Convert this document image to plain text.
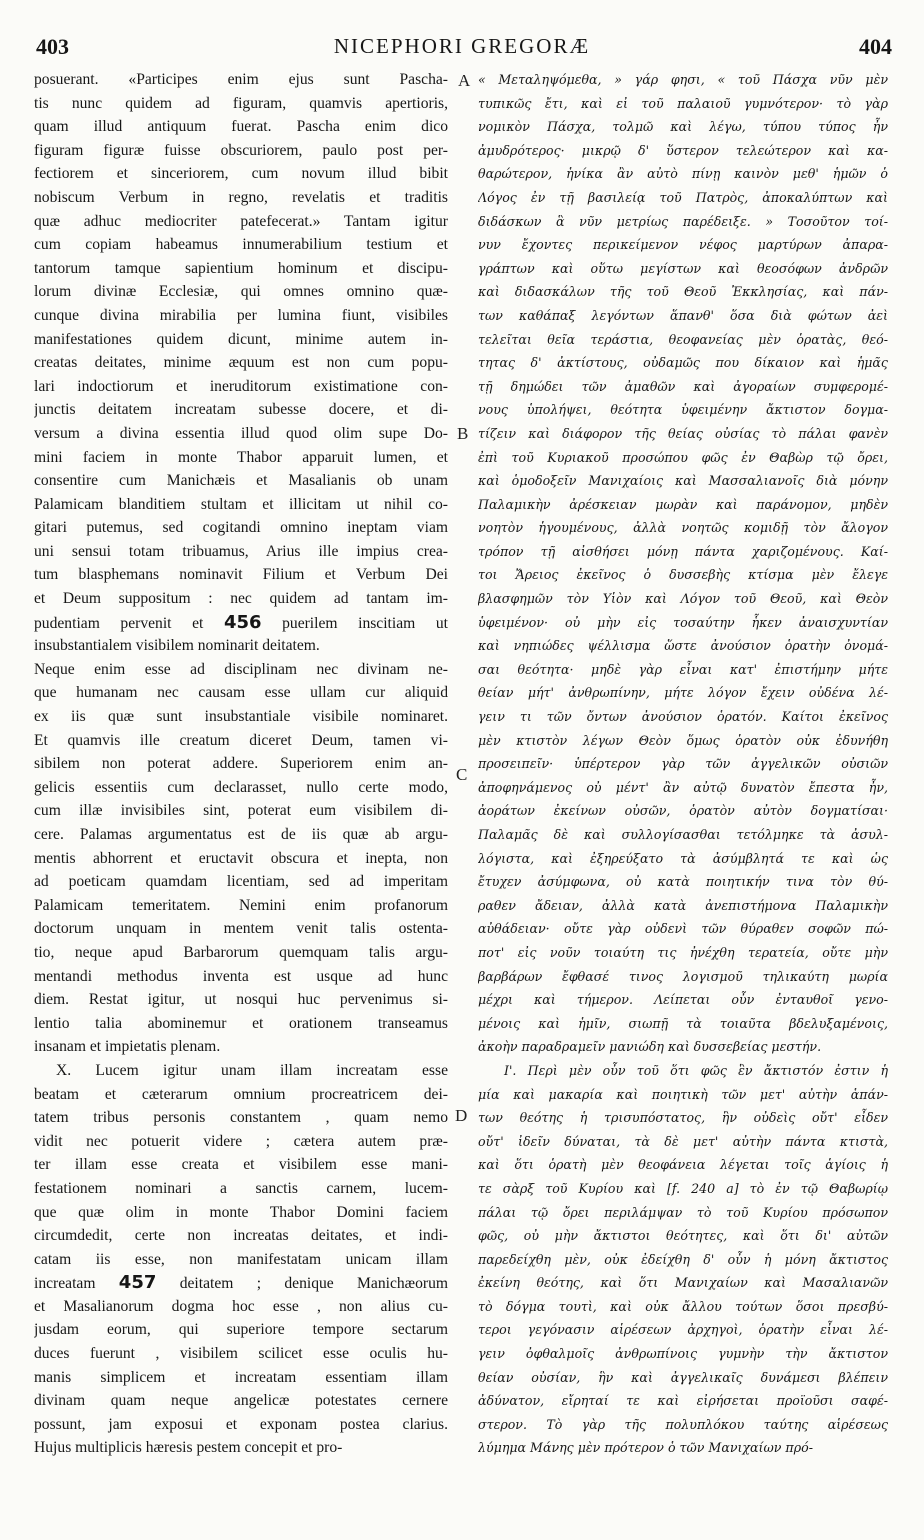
403	NICEPHORI GREGORÆ	404
posuerant. «Participes enim ejus sunt Pascha-
tis nunc quidem ad figuram, quamvis apertioris,
quam illud antiquum fuerat. Pascha enim dico
figuram figuræ fuisse obscuriorem, paulo post per-
fectiorem et sinceriorem, cum novum illud bibit
nobiscum Verbum in regno, revelatis et traditis
quæ adhuc mediocriter patefecerat.» Tantam igitur
cum copiam habeamus innumerabilium testium et
tantorum tamque sapientium hominum et discipu-
lorum divinæ Ecclesiæ, qui omnes omnino quæ-
cunque divina mirabilia per lumina fiunt, visibiles
manifestationes quidem dicunt, minime autem in-
creatas deitates, minime æquum est non cum popu-
lari indoctiorum et ineruditorum existimatione con-
junctis deitatem increatam subesse docere, et di-
versum a divina essentia illud quod olim supe Do-
mini faciem in monte Thabor apparuit lumen, et
consentire cum Manichæis et Masalianis ob unam
Palamicam blanditiem stultam et illicitam ut nihil co-
gitari putemus, sed cogitandi omnino ineptam viam
uni sensui totam tribuamus, Arius ille impius crea-
tum blasphemans nominavit Filium et Verbum Dei
et Deum suppositum : nec quidem ad tantam im-
pudentiam pervenit et 456 puerilem inscitiam ut
insubstantialem visibilem nominarit deitatem.
Neque enim esse ad disciplinam nec divinam ne-
que humanam nec causam esse ullam cur aliquid
ex iis quæ sunt insubstantiale visibile nominaret.
Et quamvis ille creatum diceret Deum, tamen vi-
sibilem non poterat addere. Superiorem enim an-
gelicis essentiis cum declarasset, nullo certe modo,
cum illæ invisibiles sint, poterat eum visibilem di-
cere. Palamas argumentatus est de iis quæ ab argu-
mentis abhorrent et eructavit obscura et inepta, non
ad poeticam quamdam licentiam, sed ad imperitam
Palamicam temeritatem. Nemini enim profanorum
doctorum unquam in mentem venit talis ostenta-
tio, neque apud Barbarorum quemquam talis argu-
mentandi methodus inventa est usque ad hunc
diem. Restat igitur, ut nosqui huc pervenimus si-
lentio talia abominemur et orationem transeamus
insanam et impietatis plenam.
X. Lucem igitur unam illam increatam esse
beatam et cæterarum omnium procreatricem dei-
tatem tribus personis constantem , quam nemo
vidit nec potuerit videre ; cætera autem præ-
ter illam esse creata et visibilem esse mani-
festationem nominari a sanctis carnem, lucem-
que quæ olim in monte Thabor Domini faciem
circumdedit, certe non increatas deitates, et indi-
catam iis esse, non manifestatam unicam illam
increatam 457 deitatem ; denique Manichæorum
et Masalianorum dogma hoc esse , non alius cu-
jusdam eorum, qui superiore tempore sectarum
duces fuerunt , visibilem scilicet esse oculis hu-
manis simplicem et increatam essentiam illam
divinam quam neque angelicæ potestates cernere
possunt, jam exposui et exponam postea clarius.
Hujus multiplicis hæresis pestem concepit et pro-
« Μεταληψόμεθα, » γάρ φησι, « τοῦ Πάσχα νῦν μὲν
τυπικῶς ἔτι, καὶ εἰ τοῦ παλαιοῦ γυμνότερον· τὸ γὰρ
νομικὸν Πάσχα, τολμῶ καὶ λέγω, τύπου τύπος ἦν
ἀμυδρότερος· μικρῷ δ' ὕστερον τελεώτερον καὶ κα-
θαρώτερον, ἡνίκα ἂν αὐτὸ πίνῃ καινὸν μεθ' ἡμῶν ὁ
Λόγος ἐν τῇ βασιλείᾳ τοῦ Πατρὸς, ἀποκαλύπτων καὶ
διδάσκων ἃ νῦν μετρίως παρέδειξε. » Τοσοῦτον τοί-
νυν ἔχοντες περικείμενον νέφος μαρτύρων ἀπαρα-
γράπτων καὶ οὕτω μεγίστων καὶ θεοσόφων ἀνδρῶν
καὶ διδασκάλων τῆς τοῦ Θεοῦ Ἐκκλησίας, καὶ πάν-
των καθάπαξ λεγόντων ἅπανθ' ὅσα διὰ φώτων ἀεὶ
τελεῖται θεῖα τεράστια, θεοφανείας μὲν ὁρατὰς, θεό-
τητας δ' ἀκτίστους, οὐδαμῶς που δίκαιον καὶ ἡμᾶς
τῇ δημώδει τῶν ἀμαθῶν καὶ ἀγοραίων συμφερομέ-
νους ὑπολήψει, θεότητα ὑφειμένην ἄκτιστον δογμα-
τίζειν καὶ διάφορον τῆς θείας οὐσίας τὸ πάλαι φανὲν
ἐπὶ τοῦ Κυριακοῦ προσώπου φῶς ἐν Θαβὼρ τῷ ὄρει,
καὶ ὁμοδοξεῖν Μανιχαίοις καὶ Μασσαλιανοῖς διὰ μόνην
Παλαμικὴν ἀρέσκειαν μωρὰν καὶ παράνομον, μηδὲν
νοητὸν ἡγουμένους, ἀλλὰ νοητῶς κομιδῇ τὸν ἄλογον
τρόπον τῇ αἰσθήσει μόνῃ πάντα χαριζομένους. Καί-
τοι Ἄρειος ἐκεῖνος ὁ δυσσεβὴς κτίσμα μὲν ἔλεγε
βλασφημῶν τὸν Υἱὸν καὶ Λόγον τοῦ Θεοῦ, καὶ Θεὸν
ὑφειμένον· οὐ μὴν εἰς τοσαύτην ἧκεν ἀναισχυντίαν
καὶ νηπιώδες ψέλλισμα ὥστε ἀνούσιον ὁρατὴν ὀνομά-
σαι θεότητα· μηδὲ γὰρ εἶναι κατ' ἐπιστήμην μήτε
θείαν μήτ' ἀνθρωπίνην, μήτε λόγον ἔχειν οὐδένα λέ-
γειν τι τῶν ὄντων ἀνούσιον ὁρατόν. Καίτοι ἐκεῖνος
μὲν κτιστὸν λέγων Θεὸν ὅμως ὁρατὸν οὐκ ἐδυνήθη
προσειπεῖν· ὑπέρτερον γὰρ τῶν ἀγγελικῶν οὐσιῶν
ἀποφηνάμενος οὐ μέντ' ἂν αὐτῷ δυνατὸν ἔπεστα ἦν,
ἀοράτων ἐκείνων οὐσῶν, ὁρατὸν αὐτὸν δογματίσαι·
Παλαμᾶς δὲ καὶ συλλογίσασθαι τετόλμηκε τὰ ἀσυλ-
λόγιστα, καὶ ἐξηρεύξατο τὰ ἀσύμβλητά τε καὶ ὡς
ἔτυχεν ἀσύμφωνα, οὐ κατὰ ποιητικήν τινα τὸν θύ-
ραθεν ἄδειαν, ἀλλὰ κατὰ ἀνεπιστήμονα Παλαμικὴν
αὐθάδειαν· οὔτε γὰρ οὐδενὶ τῶν θύραθεν σοφῶν πώ-
ποτ' εἰς νοῦν τοιαύτη τις ἠνέχθη τερατεία, οὔτε μὴν
βαρβάρων ἔφθασέ τινος λογισμοῦ τηλικαύτη μωρία
μέχρι καὶ τήμερον. Λείπεται οὖν ἐνταυθοῖ γενο-
μένοις καὶ ἡμῖν, σιωπῇ τὰ τοιαῦτα βδελυξαμένοις,
ἀκοὴν παραδραμεῖν μανιώδη καὶ δυσσεβείας μεστήν.
Ι'. Περὶ μὲν οὖν τοῦ ὅτι φῶς ἓν ἄκτιστόν ἐστιν ἡ
μία καὶ μακαρία καὶ ποιητικὴ τῶν μετ' αὐτὴν ἁπάν-
των θεότης ἡ τρισυπόστατος, ἣν οὐδεὶς οὔτ' εἶδεν
οὔτ' ἰδεῖν δύναται, τὰ δὲ μετ' αὐτὴν πάντα κτιστὰ,
καὶ ὅτι ὁρατὴ μὲν θεοφάνεια λέγεται τοῖς ἁγίοις ἡ
τε σὰρξ τοῦ Κυρίου καὶ [f. 240 a] τὸ ἐν τῷ Θαβωρίῳ
πάλαι τῷ ὄρει περιλάμψαν τὸ τοῦ Κυρίου πρόσωπον
φῶς, οὐ μὴν ἄκτιστοι θεότητες, καὶ ὅτι δι' αὐτῶν
παρεδείχθη μὲν, οὐκ ἐδείχθη δ' οὖν ἡ μόνη ἄκτιστος
ἐκείνη θεότης, καὶ ὅτι Μανιχαίων καὶ Μασαλιανῶν
τὸ δόγμα τουτὶ, καὶ οὐκ ἄλλου τούτων ὅσοι πρεσβύ-
τεροι γεγόνασιν αἱρέσεων ἀρχηγοὶ, ὁρατὴν εἶναι λέ-
γειν ὀφθαλμοῖς ἀνθρωπίνοις γυμνὴν τὴν ἄκτιστον
θείαν οὐσίαν, ἣν καὶ ἀγγελικαῖς δυνάμεσι βλέπειν
ἀδύνατον, εἴρηταί τε καὶ εἰρήσεται προϊοῦσι σαφέ-
στερον. Τὸ γὰρ τῆς πολυπλόκου ταύτης αἱρέσεως
λύμημα Μάνης μὲν πρότερον ὁ τῶν Μανιχαίων πρό-
A
B
C
D
